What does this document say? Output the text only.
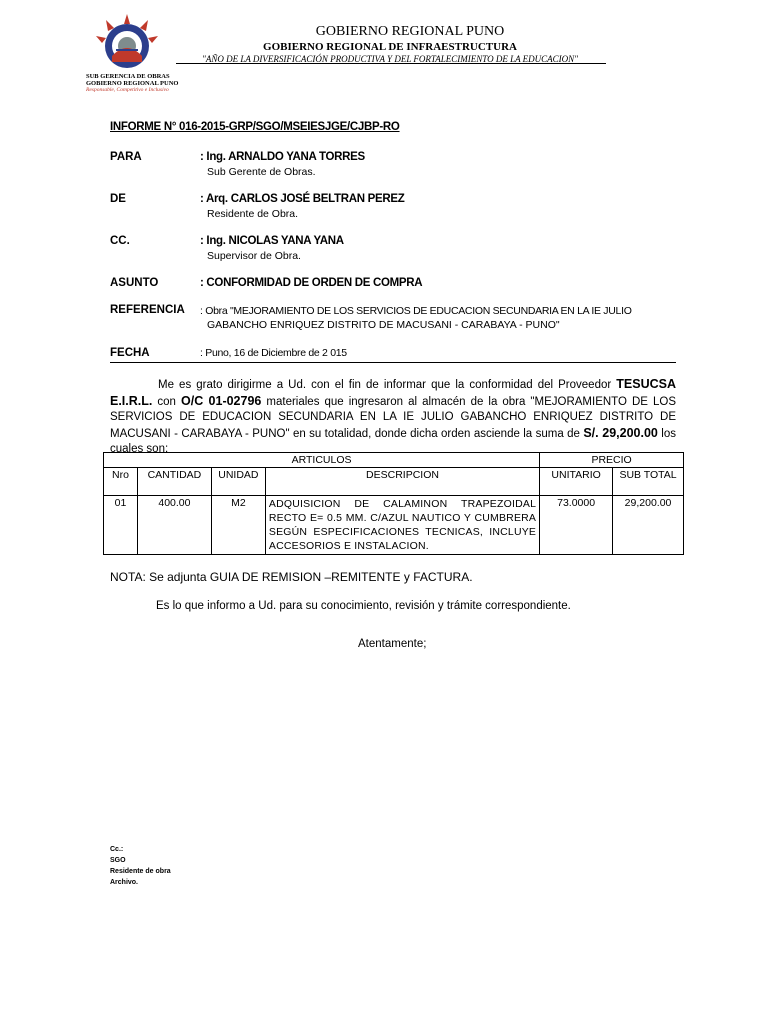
SUB GERENCIA DE OBRAS
GOBIERNO REGIONAL PUNO
Responsable, Competitivo e Inclusivo
GOBIERNO REGIONAL PUNO
GOBIERNO REGIONAL DE INFRAESTRUCTURA
"AÑO DE LA DIVERSIFICACIÓN PRODUCTIVA Y DEL FORTALECIMIENTO DE LA EDUCACION"
INFORME N° 016-2015-GRP/SGO/MSEIESJGE/CJBP-RO
PARA	: Ing. ARNALDO YANA TORRES
Sub Gerente de Obras.
DE	: Arq. CARLOS JOSÉ BELTRAN PEREZ
Residente de Obra.
CC.	: Ing. NICOLAS YANA YANA
Supervisor de Obra.
ASUNTO	: CONFORMIDAD DE ORDEN DE COMPRA
REFERENCIA : Obra "MEJORAMIENTO DE LOS SERVICIOS DE EDUCACION SECUNDARIA EN LA IE JULIO
GABANCHO ENRIQUEZ DISTRITO DE MACUSANI - CARABAYA - PUNO"
FECHA	: Puno, 16 de Diciembre de 2 015
Me es grato dirigirme a Ud. con el fin de informar que la conformidad del Proveedor TESUCSA E.I.R.L. con O/C 01-02796 materiales que ingresaron al almacén de la obra "MEJORAMIENTO DE LOS SERVICIOS DE EDUCACION SECUNDARIA EN LA IE JULIO GABANCHO ENRIQUEZ DISTRITO DE MACUSANI - CARABAYA - PUNO" en su totalidad, donde dicha orden asciende la suma de S/. 29,200.00 los cuales son:
ARTICULOS				PRECIO	
Nro	CANTIDAD	UNIDAD	DESCRIPCION	UNITARIO	SUB TOTAL
01	400.00	M2	ADQUISICION DE CALAMINON TRAPEZOIDAL RECTO E= 0.5 MM. C/AZUL NAUTICO Y CUMBRERA SEGÚN ESPECIFICACIONES TECNICAS, INCLUYE ACCESORIOS E INSTALACION.	73.0000	29,200.00
NOTA: Se adjunta GUIA DE REMISION –REMITENTE y FACTURA.
Es lo que informo a Ud. para su conocimiento, revisión y trámite correspondiente.
Atentamente;
Cc.:
SGO
Residente de obra
Archivo.
